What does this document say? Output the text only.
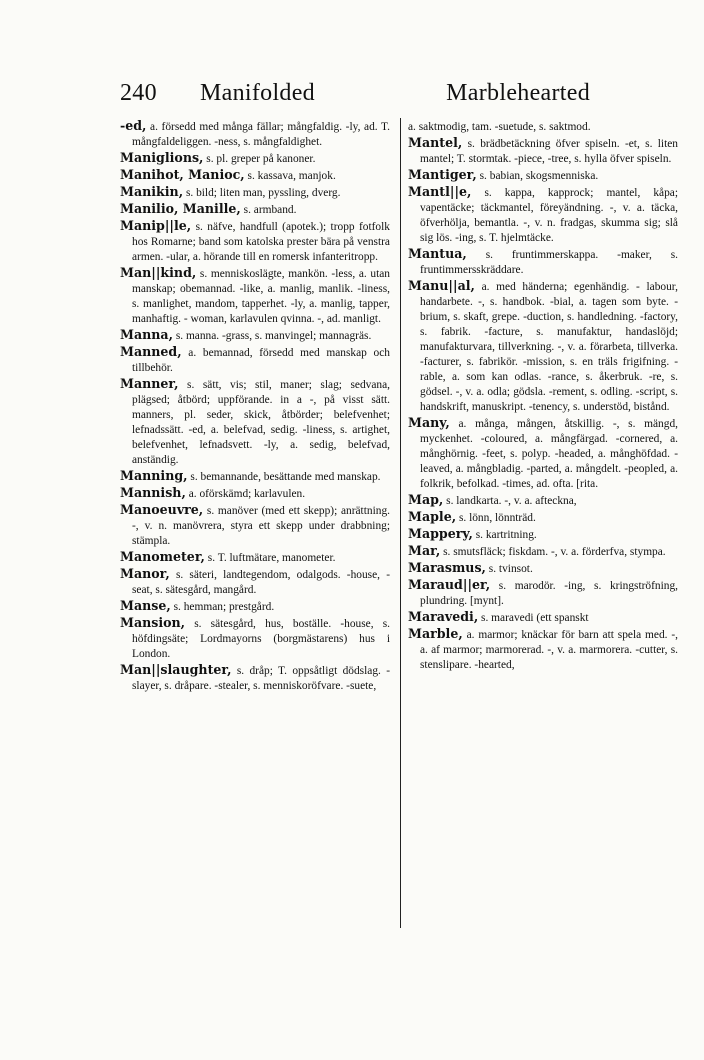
240 Manifolded	Marblehearted

-ed, a. försedd med många fällar; mångfaldig. -ly, ad. T. mångfaldeliggen. -ness, s. mångfaldighet.

Maniglions, s. pl. greper på kanoner.

Manihot, Manioc, s. kassava, manjok.

Manikin, s. bild; liten man, pyssling, dverg.

Manilio, Manille, s. armband.

Manip||le, s. näfve, handfull (apotek.); tropp fotfolk hos Romarne; band som katolska prester bära på venstra armen. -ular, a. hörande till en romersk infanteritropp.

Man||kind, s. menniskoslägte, mankön. -less, a. utan manskap; obemannad. -like, a. manlig, manlik. -liness, s. manlighet, mandom, tapperhet. -ly, a. manlig, tapper, manhaftig. - woman, karlavulen qvinna. -, ad. manligt.

Manna, s. manna. -grass, s. manvingel; mannagräs.

Manned, a. bemannad, försedd med manskap och tillbehör.

Manner, s. sätt, vis; stil, maner; slag; sedvana, plägsed; åtbörd; uppförande. in a -, på visst sätt. manners, pl. seder, skick, åtbörder; belefvenhet; lefnadssätt. -ed, a. belefvad, sedig. -liness, s. artighet, belefvenhet, lefnadsvett. -ly, a. sedig, belefvad, anständig.

Manning, s. bemannande, besättande med manskap.

Mannish, a. oförskämd; karlavulen.

Manoeuvre, s. manöver (med ett skepp); anrättning. -, v. n. manövrera, styra ett skepp under drabbning; stämpla.

Manometer, s. T. luftmätare, manometer.

Manor, s. säteri, landtegendom, odalgods. -house, -seat, s. sätesgård, mangård.

Manse, s. hemman; prestgård.

Mansion, s. sätesgård, hus, boställe. -house, s. höfdingsäte; Lordmayorns (borgmästarens) hus i London.

Man||slaughter, s. dråp; T. oppsåtligt dödslag. -slayer, s. dråpare. -stealer, s. menniskoröfvare. -suete,

a. saktmodig, tam. -suetude, s. saktmod.

Mantel, s. brädbetäckning öfver spiseln. -et, s. liten mantel; T. stormtak. -piece, -tree, s. hylla öfver spiseln.

Mantiger, s. babian, skogsmenniska.

Mantl||e, s. kappa, kapprock; mantel, kåpa; vapentäcke; täckmantel, föreyändning. -, v. a. täcka, öfverhölja, bemantla. -, v. n. fradgas, skumma sig; slå sig lös. -ing, s. T. hjelmtäcke.

Mantua, s. fruntimmerskappa. -maker, s. fruntimmersskräddare.

Manu||al, a. med händerna; egenhändig. - labour, handarbete. -, s. handbok. -bial, a. tagen som byte. -brium, s. skaft, grepe. -duction, s. handledning. -factory, s. fabrik. -facture, s. manufaktur, handaslöjd; manufakturvara, tillverkning. -, v. a. förarbeta, tillverka. -facturer, s. fabrikör. -mission, s. en träls frigifning. -rable, a. som kan odlas. -rance, s. åkerbruk. -re, s. gödsel. -, v. a. odla; gödsla. -rement, s. odling. -script, s. handskrift, manuskript. -tenency, s. understöd, bistånd.

Many, a. många, mången, åtskillig. -, s. mängd, myckenhet. -coloured, a. mångfärgad. -cornered, a. månghörnig. -feet, s. polyp. -headed, a. månghöfdad. -leaved, a. mångbladig. -parted, a. mångdelt. -peopled, a. folkrik, befolkad. -times, ad. ofta. [rita.

Map, s. landkarta. -, v. a. afteckna,

Maple, s. lönn, lönnträd.

Mappery, s. kartritning.

Mar, s. smutsfläck; fiskdam. -, v. a. förderfva, stympa.

Marasmus, s. tvinsot.

Maraud||er, s. marodör. -ing, s. kringströfning, plundring. [mynt].

Maravedi, s. maravedi (ett spanskt

Marble, a. marmor; knäckar för barn att spela med. -, a. af marmor; marmorerad. -, v. a. marmorera. -cutter, s. stenslipare. -hearted,
